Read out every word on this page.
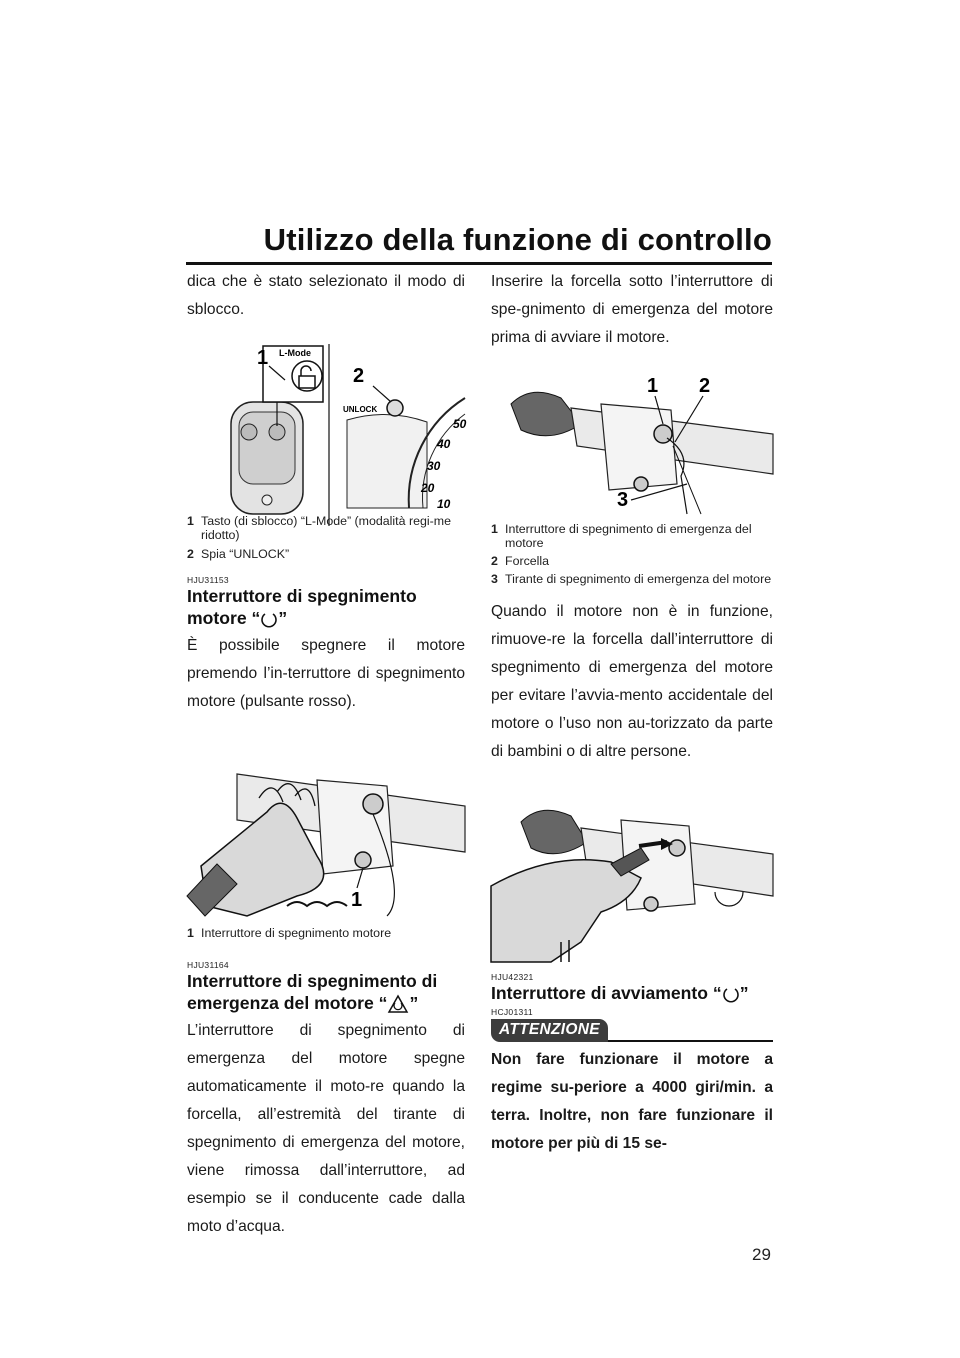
Utilizzo della funzione di controllo

dica che è stato selezionato il modo di sblocco.

L-Mode
1
50
40
30
20
10
UNLOCK
2

1 Tasto (di sblocco) “L-Mode” (modalità regi-me ridotto)

2 Spia “UNLOCK”

HJU31153

Interruttore di spegnimento
motore “ ”

È possibile spegnere il motore premendo l’in-terruttore di spegnimento motore (pulsante rosso).

1

1 Interruttore di spegnimento motore

HJU31164

Interruttore di spegnimento di
emergenza del motore “ ”

L’interruttore di spegnimento di emergenza del motore spegne automaticamente il moto-re quando la forcella, all’estremità del tirante di spegnimento di emergenza del motore, viene rimossa dall’interruttore, ad esempio se il conducente cade dalla moto d’acqua.

Inserire la forcella sotto l’interruttore di spe-gnimento di emergenza del motore prima di avviare il motore.

1 2
3

1 Interruttore di spegnimento di emergenza del motore

2 Forcella

3 Tirante di spegnimento di emergenza del motore

Quando il motore non è in funzione, rimuove-re la forcella dall’interruttore di spegnimento di emergenza del motore per evitare l’avvia-mento accidentale del motore o l’uso non au-torizzato da parte di bambini o di altre persone.

HJU42321

Interruttore di avviamento “ ”

HCJ01311

ATTENZIONE

Non fare funzionare il motore a regime su-periore a 4000 giri/min. a terra. Inoltre, non fare funzionare il motore per più di 15 se-

29
